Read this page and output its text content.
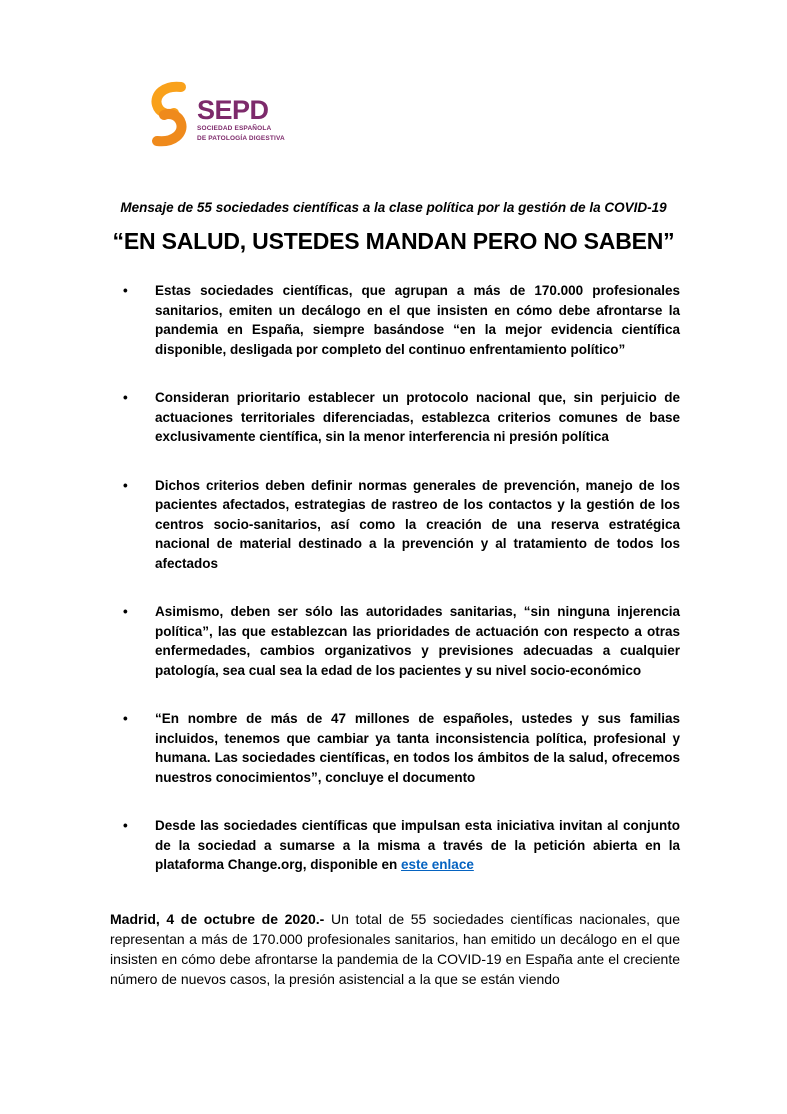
SEPD
SOCIEDAD ESPAÑOLA
DE PATOLOGÍA DIGESTIVA

Mensaje de 55 sociedades científicas a la clase política por la gestión de la COVID-19

“EN SALUD, USTEDES MANDAN PERO NO SABEN”
• Estas sociedades científicas, que agrupan a más de 170.000 profesionales sanitarios, emiten un decálogo en el que insisten en cómo debe afrontarse la pandemia en España, siempre basándose “en la mejor evidencia científica disponible, desligada por completo del continuo enfrentamiento político”
• Consideran prioritario establecer un protocolo nacional que, sin perjuicio de actuaciones territoriales diferenciadas, establezca criterios comunes de base exclusivamente científica, sin la menor interferencia ni presión política
• Dichos criterios deben definir normas generales de prevención, manejo de los pacientes afectados, estrategias de rastreo de los contactos y la gestión de los centros socio-sanitarios, así como la creación de una reserva estratégica nacional de material destinado a la prevención y al tratamiento de todos los afectados
• Asimismo, deben ser sólo las autoridades sanitarias, “sin ninguna injerencia política”, las que establezcan las prioridades de actuación con respecto a otras enfermedades, cambios organizativos y previsiones adecuadas a cualquier patología, sea cual sea la edad de los pacientes y su nivel socio-económico
• “En nombre de más de 47 millones de españoles, ustedes y sus familias incluidos, tenemos que cambiar ya tanta inconsistencia política, profesional y humana. Las sociedades científicas, en todos los ámbitos de la salud, ofrecemos nuestros conocimientos”, concluye el documento
• Desde las sociedades científicas que impulsan esta iniciativa invitan al conjunto de la sociedad a sumarse a la misma a través de la petición abierta en la plataforma Change.org, disponible en este enlace

Madrid, 4 de octubre de 2020.- Un total de 55 sociedades científicas nacionales, que representan a más de 170.000 profesionales sanitarios, han emitido un decálogo en el que insisten en cómo debe afrontarse la pandemia de la COVID-19 en España ante el creciente número de nuevos casos, la presión asistencial a la que se están viendo
